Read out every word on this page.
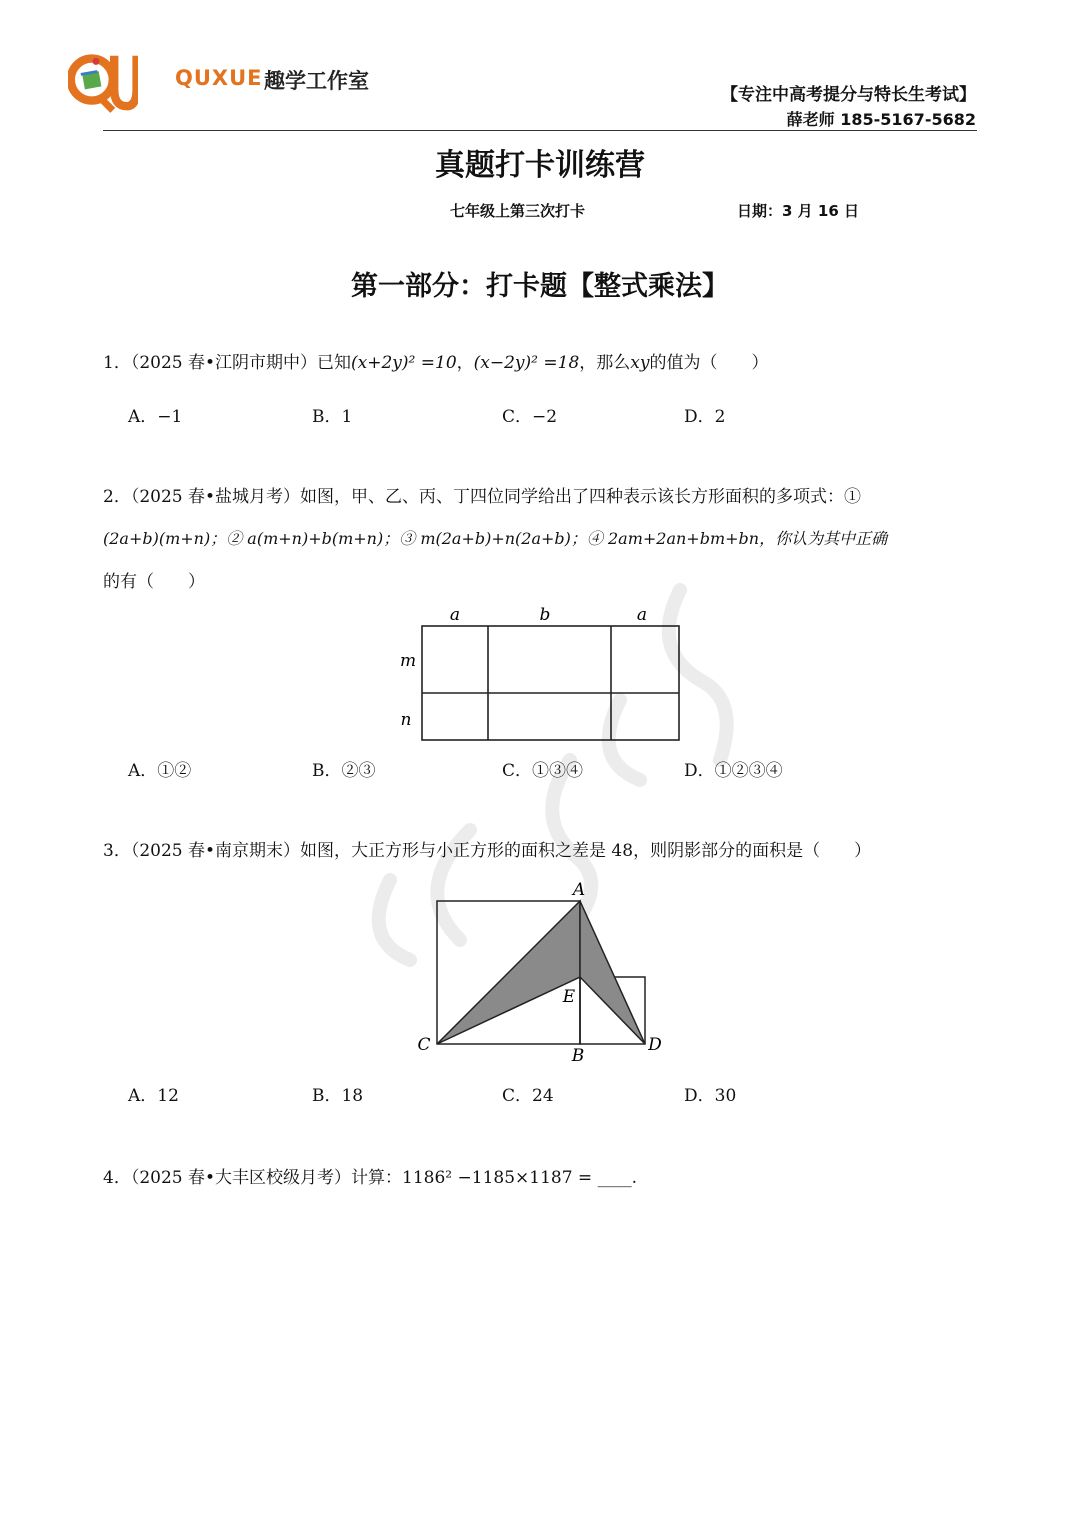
QUXUE 趣学工作室
【专注中高考提分与特长生考试】
薛老师 185-5167-5682
真题打卡训练营
七年级上第三次打卡	日期：3 月 16 日
第一部分：打卡题【整式乘法】
1．（2025 春•江阴市期中）已知(x+2y)² =10，(x−2y)² =18，那么xy的值为（　　）
A．−1	B．1	C．−2	D．2
2．（2025 春•盐城月考）如图，甲、乙、丙、丁四位同学给出了四种表示该长方形面积的多项式：①
(2a+b)(m+n)；② a(m+n)+b(m+n)；③ m(2a+b)+n(2a+b)；④ 2am+2an+bm+bn，你认为其中正确
的有（　　）
a	b	a
m
n
A．①②	B．②③	C．①③④	D．①②③④
3．（2025 春•南京期末）如图，大正方形与小正方形的面积之差是 48，则阴影部分的面积是（　　）
A
B
C	D
E
A．12	B．18	C．24	D．30
4．（2025 春•大丰区校级月考）计算：1186² −1185×1187 = ____.
